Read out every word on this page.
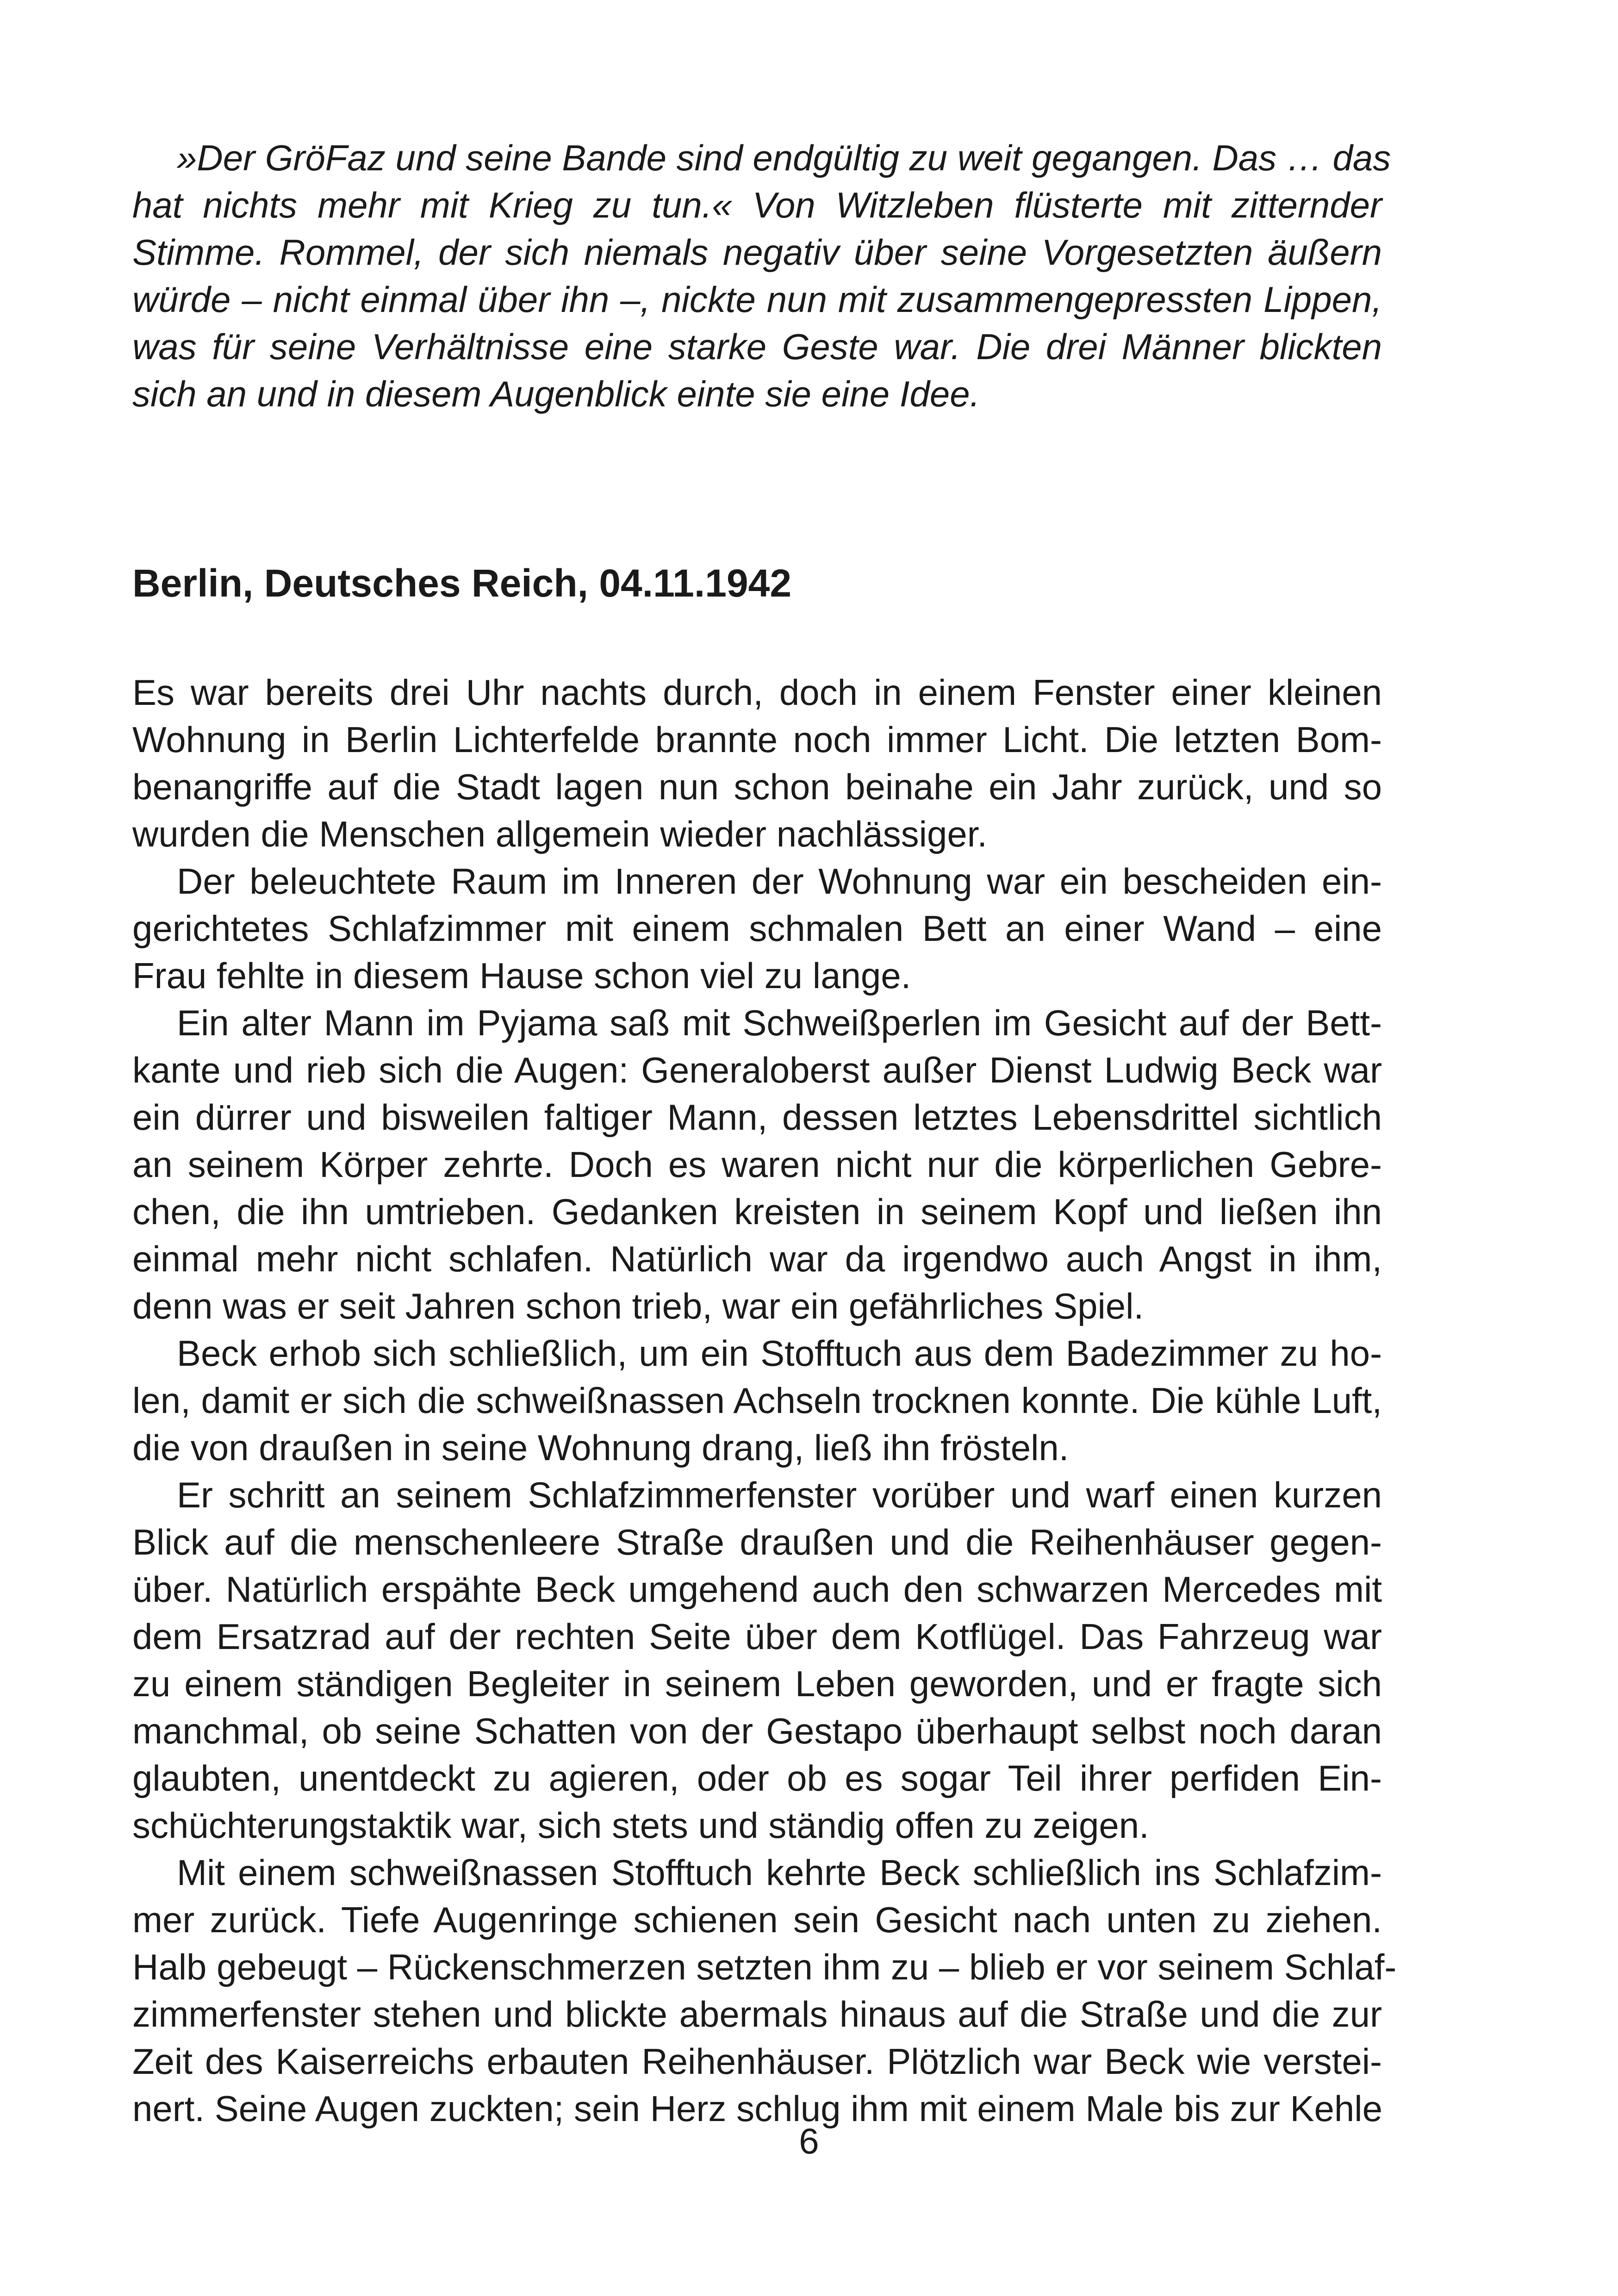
»Der GröFaz und seine Bande sind endgültig zu weit gegangen. Das … das
hat nichts mehr mit Krieg zu tun.« Von Witzleben flüsterte mit zitternder
Stimme. Rommel, der sich niemals negativ über seine Vorgesetzten äußern
würde – nicht einmal über ihn –, nickte nun mit zusammengepressten Lippen,
was für seine Verhältnisse eine starke Geste war. Die drei Männer blickten
sich an und in diesem Augenblick einte sie eine Idee.
Berlin, Deutsches Reich, 04.11.1942
Es war bereits drei Uhr nachts durch, doch in einem Fenster einer kleinen
Wohnung in Berlin Lichterfelde brannte noch immer Licht. Die letzten Bom-
benangriffe auf die Stadt lagen nun schon beinahe ein Jahr zurück, und so
wurden die Menschen allgemein wieder nachlässiger.
Der beleuchtete Raum im Inneren der Wohnung war ein bescheiden ein-
gerichtetes Schlafzimmer mit einem schmalen Bett an einer Wand – eine
Frau fehlte in diesem Hause schon viel zu lange.
Ein alter Mann im Pyjama saß mit Schweißperlen im Gesicht auf der Bett-
kante und rieb sich die Augen: Generaloberst außer Dienst Ludwig Beck war
ein dürrer und bisweilen faltiger Mann, dessen letztes Lebensdrittel sichtlich
an seinem Körper zehrte. Doch es waren nicht nur die körperlichen Gebre-
chen, die ihn umtrieben. Gedanken kreisten in seinem Kopf und ließen ihn
einmal mehr nicht schlafen. Natürlich war da irgendwo auch Angst in ihm,
denn was er seit Jahren schon trieb, war ein gefährliches Spiel.
Beck erhob sich schließlich, um ein Stofftuch aus dem Badezimmer zu ho-
len, damit er sich die schweißnassen Achseln trocknen konnte. Die kühle Luft,
die von draußen in seine Wohnung drang, ließ ihn frösteln.
Er schritt an seinem Schlafzimmerfenster vorüber und warf einen kurzen
Blick auf die menschenleere Straße draußen und die Reihenhäuser gegen-
über. Natürlich erspähte Beck umgehend auch den schwarzen Mercedes mit
dem Ersatzrad auf der rechten Seite über dem Kotflügel. Das Fahrzeug war
zu einem ständigen Begleiter in seinem Leben geworden, und er fragte sich
manchmal, ob seine Schatten von der Gestapo überhaupt selbst noch daran
glaubten, unentdeckt zu agieren, oder ob es sogar Teil ihrer perfiden Ein-
schüchterungstaktik war, sich stets und ständig offen zu zeigen.
Mit einem schweißnassen Stofftuch kehrte Beck schließlich ins Schlafzim-
mer zurück. Tiefe Augenringe schienen sein Gesicht nach unten zu ziehen.
Halb gebeugt – Rückenschmerzen setzten ihm zu – blieb er vor seinem Schlaf-
zimmerfenster stehen und blickte abermals hinaus auf die Straße und die zur
Zeit des Kaiserreichs erbauten Reihenhäuser. Plötzlich war Beck wie verstei-
nert. Seine Augen zuckten; sein Herz schlug ihm mit einem Male bis zur Kehle
6
